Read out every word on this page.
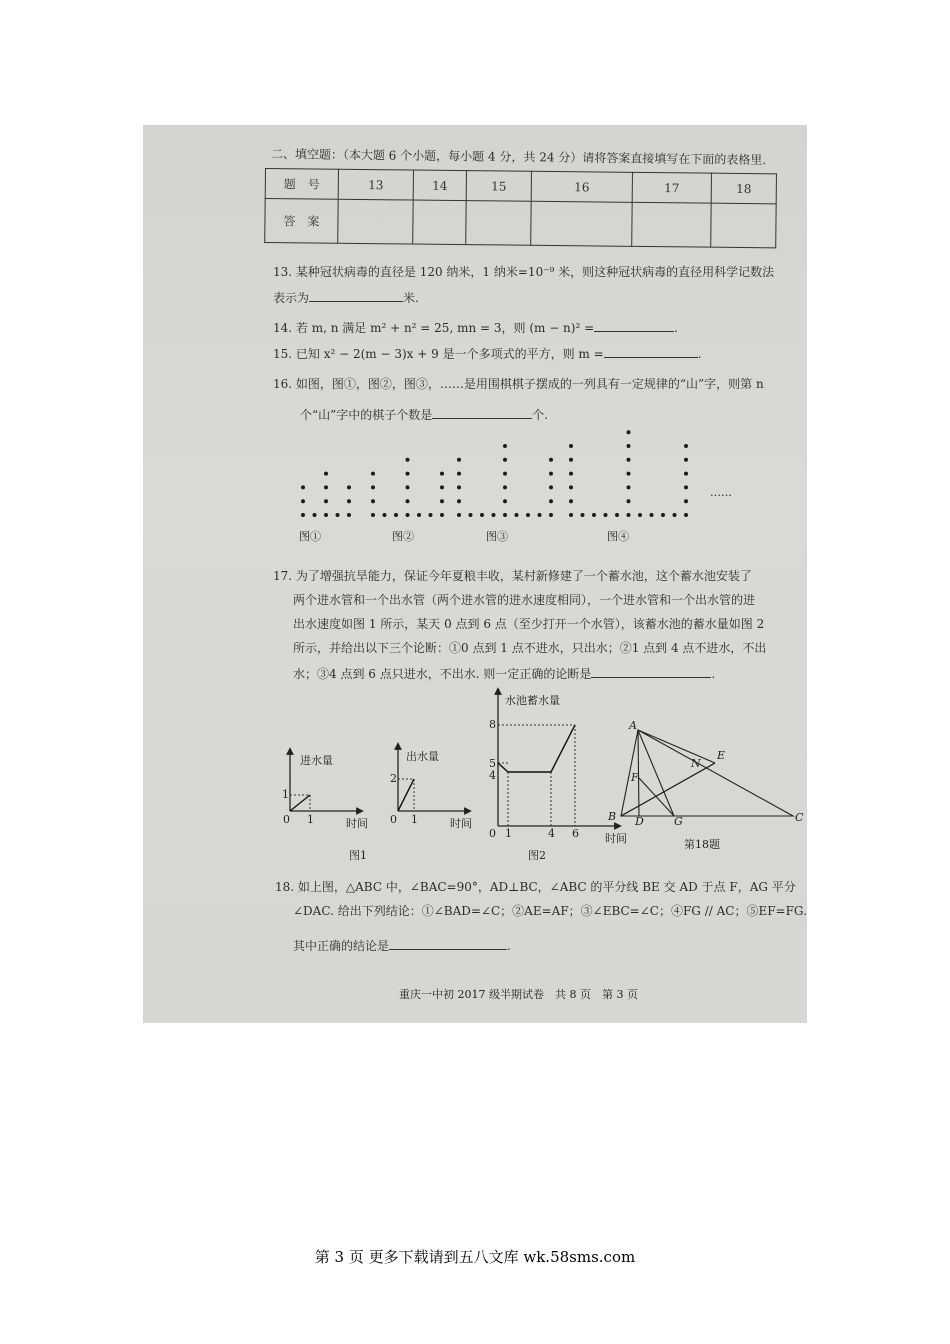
二、填空题：（本大题 6 个小题，每小题 4 分，共 24 分）请将答案直接填写在下面的表格里.
题　号	13	14	15	16	17	18
答　案						
13. 某种冠状病毒的直径是 120 纳米，1 纳米=10⁻⁹ 米，则这种冠状病毒的直径用科学记数法
表示为	米.
14. 若 m, n 满足 m² + n² = 25, mn = 3，则 (m − n)² =	.
15. 已知 x² − 2(m − 3)x + 9 是一个多项式的平方，则 m =	.
16. 如图，图①，图②，图③，……是用围棋棋子摆成的一列具有一定规律的“山”字，则第 n
个“山”字中的棋子个数是	个.
图①	图②	图③	图④
……
17. 为了增强抗旱能力，保证今年夏粮丰收，某村新修建了一个蓄水池，这个蓄水池安装了
两个进水管和一个出水管（两个进水管的进水速度相同），一个进水管和一个出水管的进
出水速度如图 1 所示，某天 0 点到 6 点（至少打开一个水管），该蓄水池的蓄水量如图 2
所示，并给出以下三个论断：①0 点到 1 点不进水，只出水；②1 点到 4 点不进水，不出
水；③4 点到 6 点只进水，不出水. 则一定正确的论断是	.
进水量
1
0 1	时间
图1
出水量
2
0 1	时间
水池蓄水量
8
5
4
0 1	4 6 时间
图2
A
B	C
D
E
F
G
N
第18题
18. 如上图，△ABC 中，∠BAC=90°，AD⊥BC，∠ABC 的平分线 BE 交 AD 于点 F，AG 平分
∠DAC. 给出下列结论：①∠BAD=∠C；②AE=AF；③∠EBC=∠C；④FG // AC；⑤EF=FG.
其中正确的结论是	.
重庆一中初 2017 级半期试卷　共 8 页　第 3 页
第 3 页 更多下载请到五八文库 wk.58sms.com
